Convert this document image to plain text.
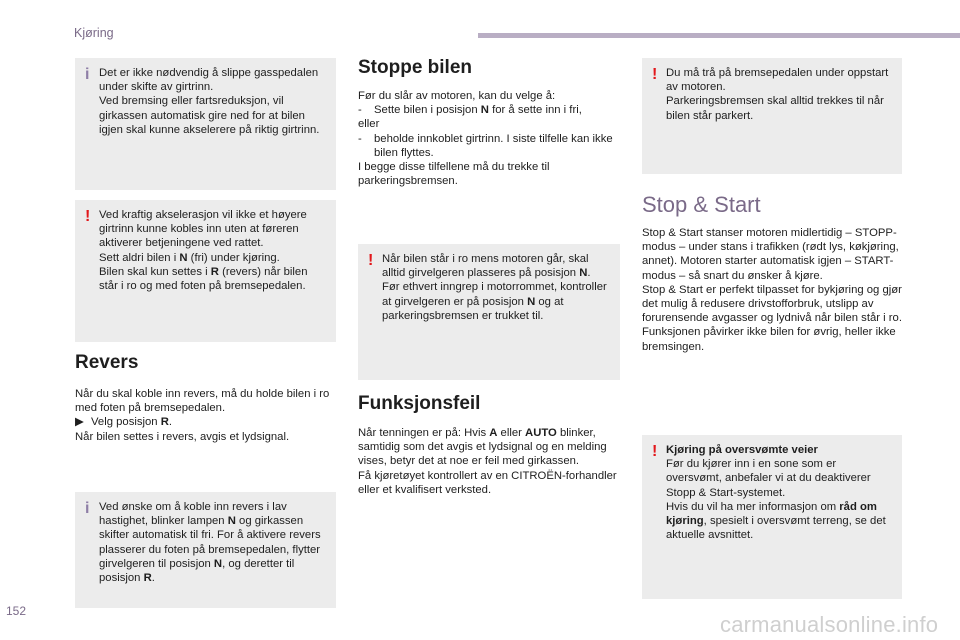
Kjøring
i Det er ikke nødvendig å slippe gasspedalen under skifte av girtrinn.

Ved bremsing eller fartsreduksjon, vil girkassen automatisk gire ned for at bilen igjen skal kunne akselerere på riktig girtrinn.

! Ved kraftig akselerasjon vil ikke et høyere girtrinn kunne kobles inn uten at føreren aktiverer betjeningene ved rattet.

Sett aldri bilen i N (fri) under kjøring.

Bilen skal kun settes i R (revers) når bilen står i ro og med foten på bremsepedalen.

Revers

Når du skal koble inn revers, må du holde bilen i ro med foten på bremsepedalen.

▶ Velg posisjon R.

Når bilen settes i revers, avgis et lydsignal.

i Ved ønske om å koble inn revers i lav hastighet, blinker lampen N og girkassen skifter automatisk til fri. For å aktivere revers plasserer du foten på bremsepedalen, flytter girvelgeren til posisjon N, og deretter til posisjon R.

Stoppe bilen

Før du slår av motoren, kan du velge å:

- Sette bilen i posisjon N for å sette inn i fri,

eller

- beholde innkoblet girtrinn. I siste tilfelle kan ikke bilen flyttes.

I begge disse tilfellene må du trekke til parkeringsbremsen.

! Når bilen står i ro mens motoren går, skal alltid girvelgeren plasseres på posisjon N.

Før ethvert inngrep i motorrommet, kontroller at girvelgeren er på posisjon N og at parkeringsbremsen er trukket til.

Funksjonsfeil

Når tenningen er på: Hvis A eller AUTO blinker, samtidig som det avgis et lydsignal og en melding vises, betyr det at noe er feil med girkassen.

Få kjøretøyet kontrollert av en CITROËN-forhandler eller et kvalifisert verksted.

! Du må trå på bremsepedalen under oppstart av motoren.

Parkeringsbremsen skal alltid trekkes til når bilen står parkert.

Stop & Start

Stop & Start stanser motoren midlertidig – STOPP-modus – under stans i trafikken (rødt lys, køkjøring, annet). Motoren starter automatisk igjen – START-modus – så snart du ønsker å kjøre.

Stop & Start er perfekt tilpasset for bykjøring og gjør det mulig å redusere drivstofforbruk, utslipp av forurensende avgasser og lydnivå når bilen står i ro.

Funksjonen påvirker ikke bilen for øvrig, heller ikke bremsingen.

! Kjøring på oversvømte veier

Før du kjører inn i en sone som er oversvømt, anbefaler vi at du deaktiverer Stopp & Start-systemet.

Hvis du vil ha mer informasjon om råd om kjøring, spesielt i oversvømt terreng, se det aktuelle avsnittet.

152
carmanualsonline.info
